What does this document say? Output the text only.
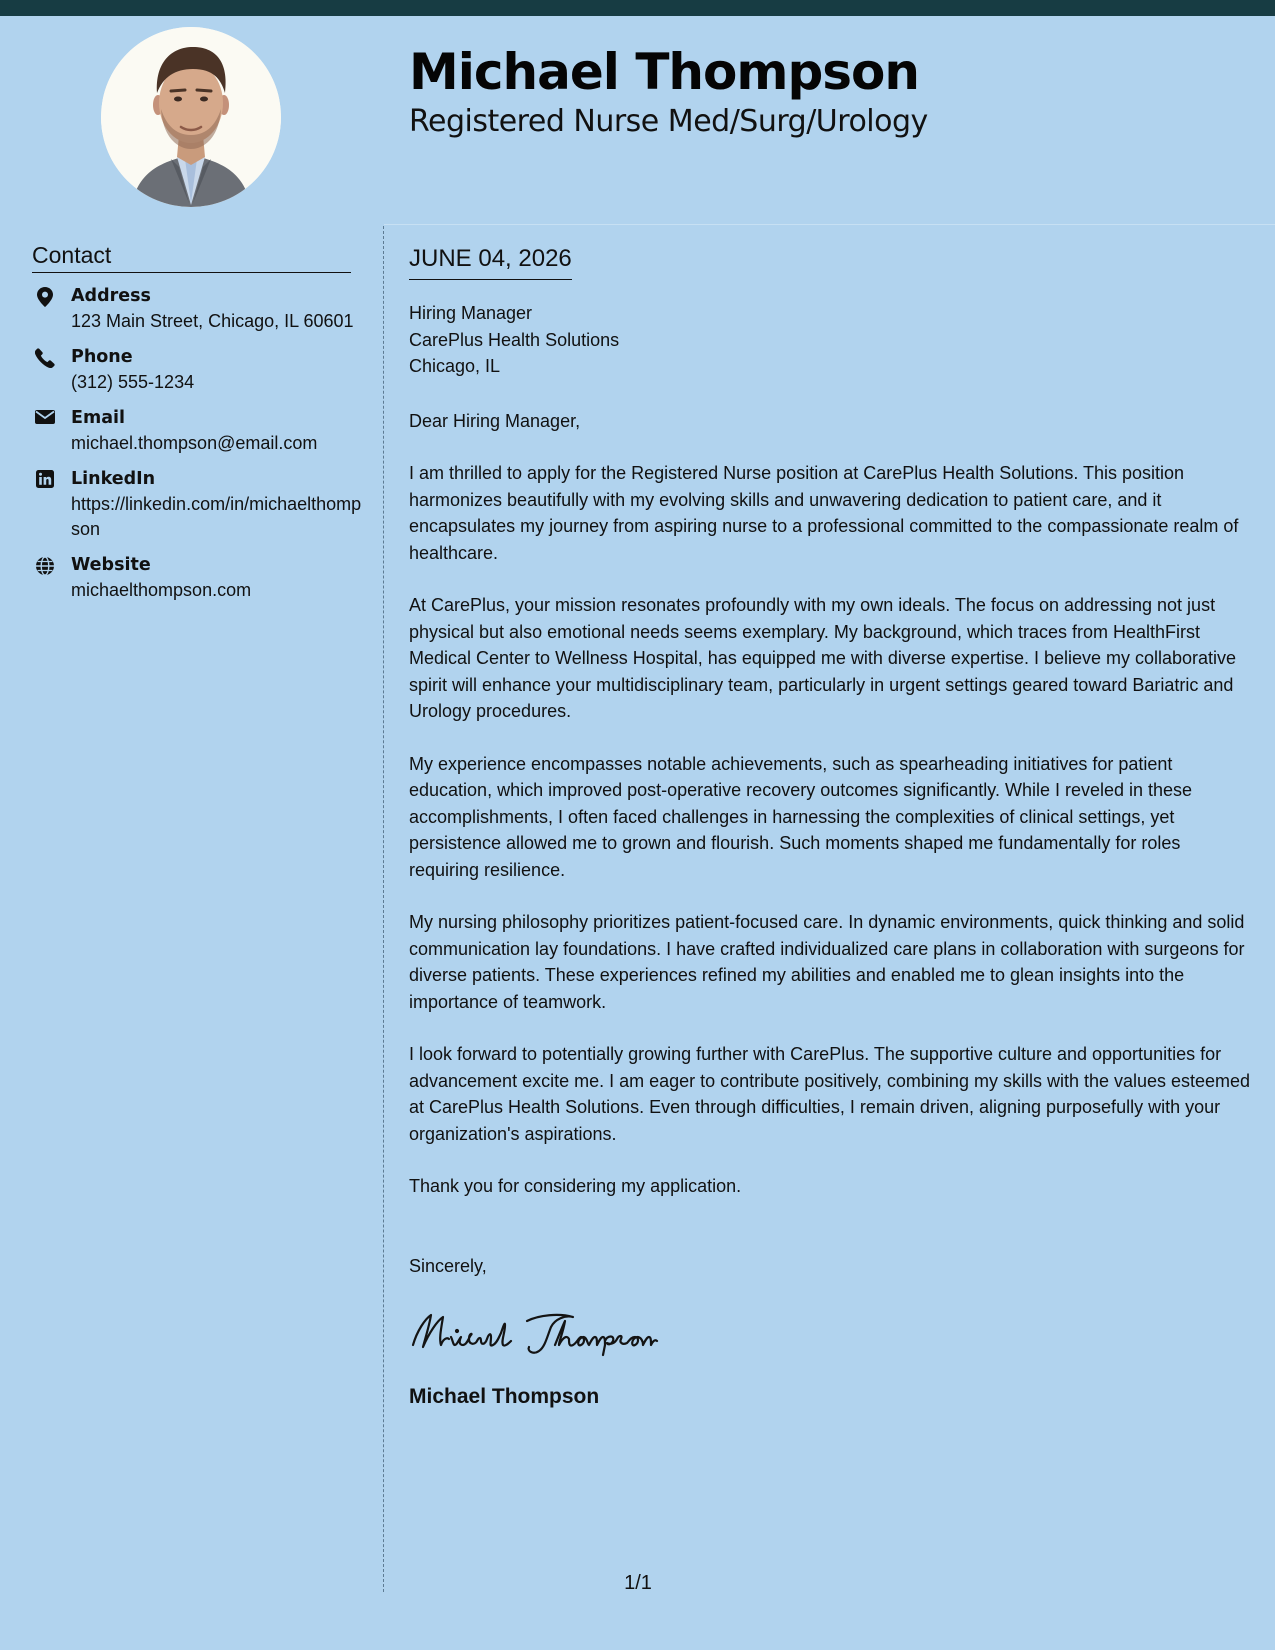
Michael Thompson
Registered Nurse Med/Surg/Urology
Contact
Address
123 Main Street, Chicago, IL 60601
Phone
(312) 555-1234
Email
michael.thompson@email.com
LinkedIn
https://linkedin.com/in/michaelthompson
Website
michaelthompson.com
JUNE 04, 2026
Hiring Manager
CarePlus Health Solutions
Chicago, IL
Dear Hiring Manager,

I am thrilled to apply for the Registered Nurse position at CarePlus Health Solutions. This position harmonizes beautifully with my evolving skills and unwavering dedication to patient care, and it encapsulates my journey from aspiring nurse to a professional committed to the compassionate realm of healthcare.

At CarePlus, your mission resonates profoundly with my own ideals. The focus on addressing not just physical but also emotional needs seems exemplary. My background, which traces from HealthFirst Medical Center to Wellness Hospital, has equipped me with diverse expertise. I believe my collaborative spirit will enhance your multidisciplinary team, particularly in urgent settings geared toward Bariatric and Urology procedures.

My experience encompasses notable achievements, such as spearheading initiatives for patient education, which improved post-operative recovery outcomes significantly. While I reveled in these accomplishments, I often faced challenges in harnessing the complexities of clinical settings, yet persistence allowed me to grown and flourish. Such moments shaped me fundamentally for roles requiring resilience.

My nursing philosophy prioritizes patient-focused care. In dynamic environments, quick thinking and solid communication lay foundations. I have crafted individualized care plans in collaboration with surgeons for diverse patients. These experiences refined my abilities and enabled me to glean insights into the importance of teamwork.

I look forward to potentially growing further with CarePlus. The supportive culture and opportunities for advancement excite me. I am eager to contribute positively, combining my skills with the values esteemed at CarePlus Health Solutions. Even through difficulties, I remain driven, aligning purposefully with your organization's aspirations.

Thank you for considering my application.

Sincerely,
Michael Thompson
1/1
